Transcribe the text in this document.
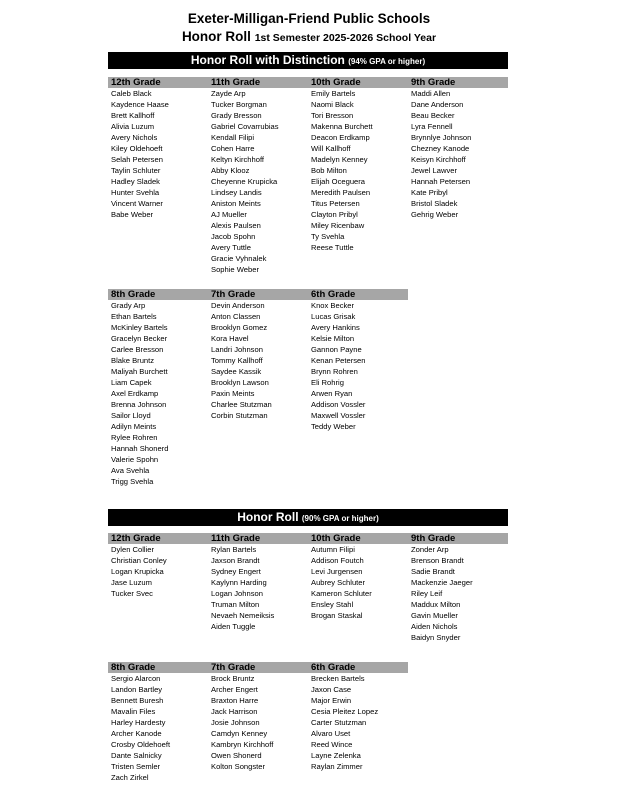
Exeter-Milligan-Friend Public Schools
Honor Roll 1st Semester 2025-2026 School Year
Honor Roll with Distinction (94% GPA or higher)
12th Grade
Caleb Black
Kaydence Haase
Brett Kallhoff
Alivia Luzum
Avery Nichols
Kiley Oldehoeft
Selah Petersen
Taylin Schluter
Hadley Sladek
Hunter Svehla
Vincent Warner
Babe Weber
11th Grade
Zayde Arp
Tucker Borgman
Grady Bresson
Gabriel Covarrubias
Kendall Filipi
Cohen Harre
Keltyn Kirchhoff
Abby Klooz
Cheyenne Krupicka
Lindsey Landis
Aniston Meints
AJ Mueller
Alexis Paulsen
Jacob Spohn
Avery Tuttle
Gracie Vyhnalek
Sophie Weber
10th Grade
Emily Bartels
Naomi Black
Tori Bresson
Makenna Burchett
Deacon Erdkamp
Will Kallhoff
Madelyn Kenney
Bob Milton
Elijah Oceguera
Meredith Paulsen
Titus Petersen
Clayton Pribyl
Miley Ricenbaw
Ty Svehla
Reese Tuttle
9th Grade
Maddi Allen
Dane Anderson
Beau Becker
Lyra Fennell
Brynnlye Johnson
Chezney Kanode
Keisyn Kirchhoff
Jewel Lawver
Hannah Petersen
Kate Pribyl
Bristol Sladek
Gehrig Weber
8th Grade
Grady Arp
Ethan Bartels
McKinley Bartels
Gracelyn Becker
Carlee Bresson
Blake Bruntz
Maliyah Burchett
Liam Capek
Axel Erdkamp
Brenna Johnson
Sailor Lloyd
Adilyn Meints
Rylee Rohren
Hannah Shonerd
Valerie Spohn
Ava Svehla
Trigg Svehla
7th Grade
Devin Anderson
Anton Classen
Brooklyn Gomez
Kora Havel
Landri Johnson
Tommy Kallhoff
Saydee Kassik
Brooklyn Lawson
Paxin Meints
Charlee Stutzman
Corbin Stutzman
6th Grade
Knox Becker
Lucas Grisak
Avery Hankins
Kelsie Milton
Gannon Payne
Kenan Petersen
Brynn Rohren
Eli Rohrig
Arwen Ryan
Addison Vossler
Maxwell Vossler
Teddy Weber
Honor Roll (90% GPA or higher)
12th Grade
Dylen Collier
Christian Conley
Logan Krupicka
Jase Luzum
Tucker Svec
11th Grade
Rylan Bartels
Jaxson Brandt
Sydney Engert
Kaylynn Harding
Logan Johnson
Truman Milton
Nevaeh Nemeiksis
Aiden Tuggle
10th Grade
Autumn Filipi
Addison Foutch
Levi Jurgensen
Aubrey Schluter
Kameron Schluter
Ensley Stahl
Brogan Staskal
9th Grade
Zonder Arp
Brenson Brandt
Sadie Brandt
Mackenzie Jaeger
Riley Leif
Maddux Milton
Gavin Mueller
Aiden Nichols
Baidyn Snyder
8th Grade
Sergio Alarcon
Landon Bartley
Bennett Buresh
Mavalin Files
Harley Hardesty
Archer Kanode
Crosby Oldehoeft
Dante Salnicky
Tristen Semler
Zach Zirkel
7th Grade
Brock Bruntz
Archer Engert
Braxton Harre
Jack Harrison
Josie Johnson
Camdyn Kenney
Kambryn Kirchhoff
Owen Shonerd
Kolton Songster
6th Grade
Brecken Bartels
Jaxon Case
Major Erwin
Cesia Pleitez Lopez
Carter Stutzman
Alvaro Uset
Reed Wince
Layne Zelenka
Raylan Zimmer
